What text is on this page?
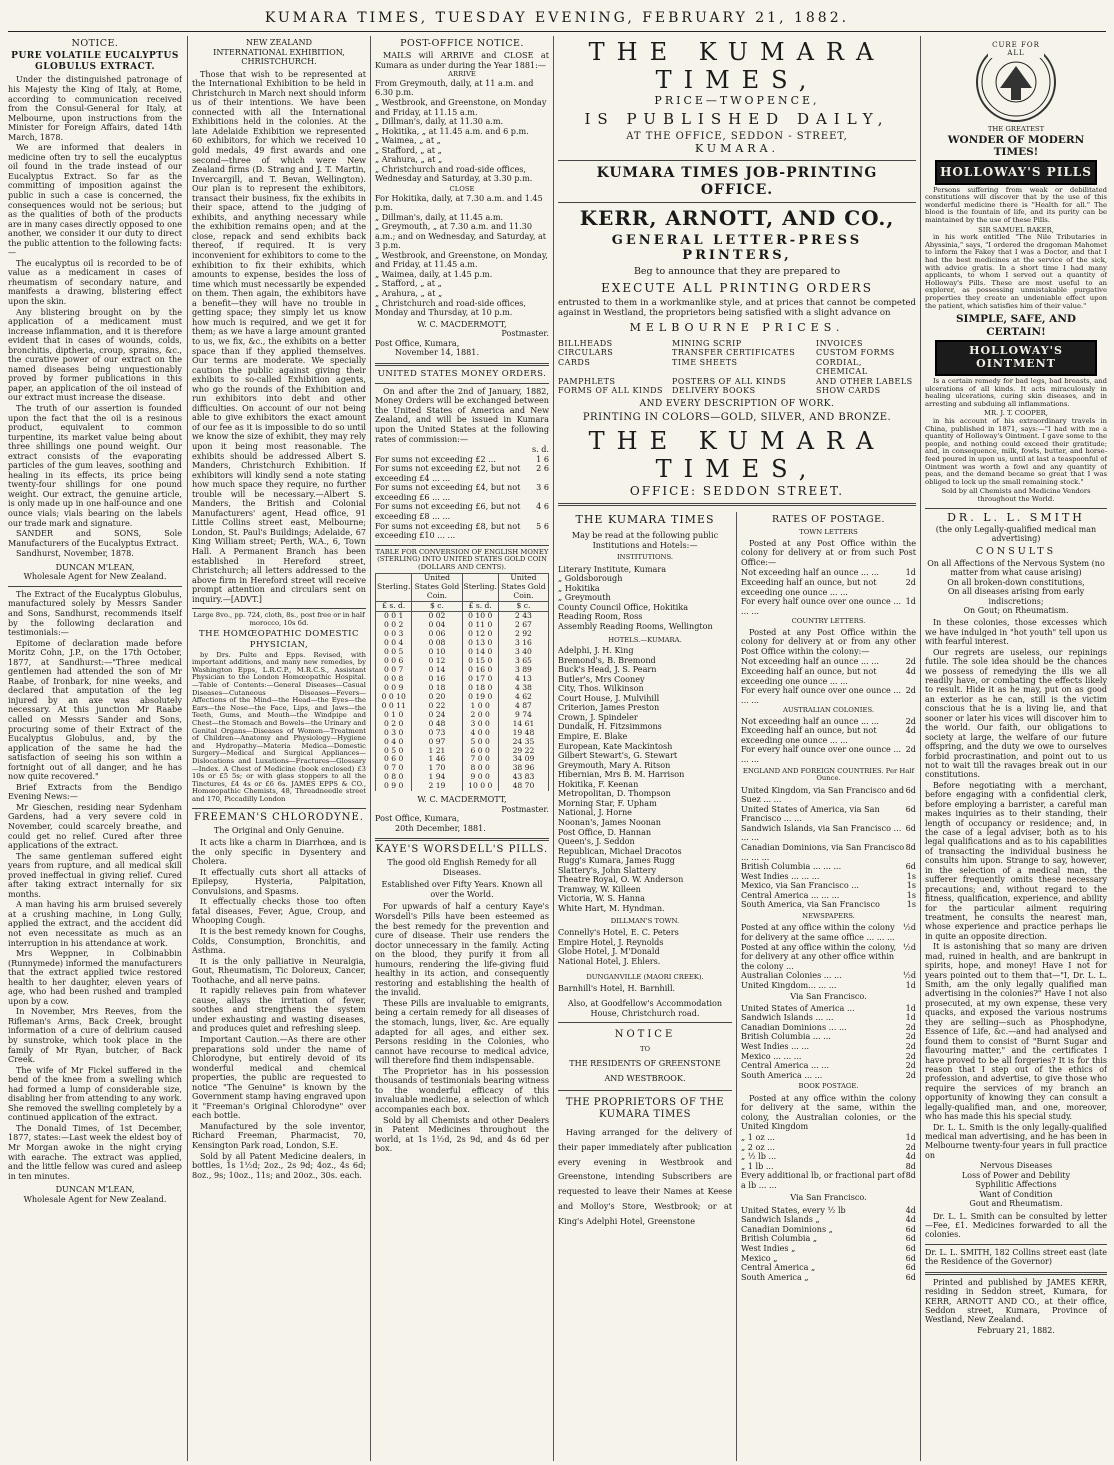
KUMARA TIMES, TUESDAY EVENING, FEBRUARY 21, 1882.
NOTICE.
PURE VOLATILE EUCALYPTUS GLOBULUS EXTRACT.

Under the distinguished patronage of his Majesty the King of Italy, at Rome, according to communication received from the Consul-General for Italy, at Melbourne, upon instructions from the Minister for Foreign Affairs, dated 14th March, 1878.

We are informed that dealers in medicine often try to sell the eucalyptus oil found in the trade instead of our Eucalyptus Extract. So far as the committing of imposition against the public in such a case is concerned, the consequences would not be serious; but as the qualities of both of the products are in many cases directly opposed to one another, we consider it our duty to direct the public attention to the following facts:—

The eucalyptus oil is recorded to be of value as a medicament in cases of rheumatism of secondary nature, and manifests a drawing, blistering effect upon the skin.

Any blistering brought on by the application of a medicament must increase inflammation, and it is therefore evident that in cases of wounds, colds, bronchitis, diptheria, croup, sprains, &c., the curative power of our extract on the named diseases being unquestionably proved by former publications in this paper, an application of the oil instead of our extract must increase the disease.

The truth of our assertion is founded upon the fact that the oil is a resinous product, equivalent to common turpentine, its market value being about three shillings one pound weight. Our extract consists of the evaporating particles of the gum leaves, soothing and healing in its effects, its price being twenty-four shillings for one pound weight. Our extract, the genuine article, is only made up in one half-ounce and one ounce vials; vials bearing on the labels our trade mark and signature.

SANDER and SONS, Sole Manufacturers of the Eucalyptus Extract.

Sandhurst, November, 1878.

DUNCAN M'LEAN,
Wholesale Agent for New Zealand.

The Extract of the Eucalyptus Globulus, manufactured solely by Messrs Sander and Sons, Sandhurst, recommends itself by the following declaration and testimonials:—

Epitome of declaration made before Moritz Cohn, J.P., on the 17th October, 1877, at Sandhurst:—"Three medical gentlemen had attended the son of Mr Raabe, of Ironbark, for nine weeks, and declared that amputation of the leg injured by an axe was absolutely necessary. At this junction Mr Raabe called on Messrs Sander and Sons, procuring some of their Extract of the Eucalyptus Globulus, and, by the application of the same he had the satisfaction of seeing his son within a fortnight out of all danger, and he has now quite recovered."

Brief Extracts from the Bendigo Evening News:—

Mr Gieschen, residing near Sydenham Gardens, had a very severe cold in November, could scarcely breathe, and could get no relief. Cured after three applications of the extract.

The same gentleman suffered eight years from rupture, and all medical skill proved ineffectual in giving relief. Cured after taking extract internally for six months.

A man having his arm bruised severely at a crushing machine, in Long Gully, applied the extract, and the accident did not even necessitate as much as an interruption in his attendance at work.

Mrs Weppner, in Colbinabbin (Runnymede) informed the manufacturers that the extract applied twice restored health to her daughter, eleven years of age, who had been rushed and trampled upon by a cow.

In November, Mrs Reeves, from the Rifleman's Arms, Back Creek, brought information of a cure of delirium caused by sunstroke, which took place in the family of Mr Ryan, butcher, of Back Creek.

The wife of Mr Fickel suffered in the bend of the knee from a swelling which had formed a lump of considerable size, disabling her from attending to any work. She removed the swelling completely by a continued application of the extract.

The Donald Times, of 1st December, 1877, states:—Last week the eldest boy of Mr Morgan awoke in the night crying with earache. The extract was applied, and the little fellow was cured and asleep in ten minutes.

DUNCAN M'LEAN,
Wholesale Agent for New Zealand.
NEW ZEALAND
INTERNATIONAL EXHIBITION,
CHRISTCHURCH.

Those that wish to be represented at the International Exhibition to be held in Christchurch in March next should inform us of their intentions. We have been connected with all the International Exhibitions held in the colonies. At the late Adelaide Exhibition we represented 60 exhibitors, for which we received 10 gold medals, 49 first awards and one second—three of which were New Zealand firms (D. Strang and J. T. Martin, Invercargill, and T. Bevan, Wellington). Our plan is to represent the exhibitors, transact their business, fix the exhibits in their space, attend to the judging of exhibits, and anything necessary while the exhibition remains open; and at the close, repack and send exhibits back thereof, if required. It is very inconvenient for exhibitors to come to the exhibition to fix their exhibits, which amounts to expense, besides the loss of time which must necessarily be expended on them. Then again, the exhibitors have a benefit—they will have no trouble in getting space; they simply let us know how much is required, and we get it for them; as we have a large amount granted to us, we fix, &c., the exhibits on a better space than if they applied themselves. Our terms are moderate. We specially caution the public against giving their exhibits to so-called Exhibition agents, who go the rounds of the Exhibition and run exhibitors into debt and other difficulties. On account of our not being able to give exhibitors the exact amount of our fee as it is impossible to do so until we know the size of exhibit, they may rely upon it being most reasonable. The exhibits should be addressed Albert S. Manders, Christchurch Exhibition. If exhibitors will kindly send a note stating how much space they require, no further trouble will be necessary.—Albert S. Manders, the British and Colonial Manufacturers' agent, Head office, 91 Little Collins street east, Melbourne; London, St. Paul's Buildings; Adelaide, 67 King William street; Perth, W.A., 6, Town Hall. A Permanent Branch has been established in Hereford street, Christchurch; all letters addressed to the above firm in Hereford street will receive prompt attention and circulars sent on inquiry.—[ADVT.]

Large 8vo., pp. 724, cloth, 8s., post free or in half morocco, 10s 6d.
THE HOMŒOPATHIC DOMESTIC PHYSICIAN,

by Drs. Pulte and Epps. Revised, with important additions, and many new remedies, by Washington Epps, L.R.C.P., M.R.C.S., Assistant Physician to the London Homœopathic Hospital.—Table of Contents:—General Diseases—Casual Diseases—Cutaneous Diseases—Fevers—Affections of the Mind—the Head—the Eyes—the Ears—the Nose—the Face, Lips, and Jaws—the Teeth, Gums, and Mouth—the Windpipe and Chest—the Stomach and Bowels—the Urinary and Genital Organs—Diseases of Women—Treatment of Children—Anatomy and Physiology—Hygiene and Hydropathy—Materia Medica—Domestic Surgery—Medical and Surgical Appliances—Dislocations and Luxations—Fractures—Glossary—Index. A Chest of Medicine (book enclosed) £3 10s or £5 5s; or with glass stoppers to all the Tinctures, £4 4s or £6 6s. JAMES EPPS & CO., Homœopathic Chemists, 48, Threadneedle street and 170, Piccadilly London

FREEMAN'S CHLORODYNE.
The Original and Only Genuine.

It acts like a charm in Diarrhœa, and is the only specific in Dysentery and Cholera.

It effectually cuts short all attacks of Epilepsy, Hysteria, Palpitation, Convulsions, and Spasms.

It effectually checks those too often fatal diseases, Fever, Ague, Croup, and Whooping Cough.

It is the best remedy known for Coughs, Colds, Consumption, Bronchitis, and Asthma.

It is the only palliative in Neuralgia, Gout, Rheumatism, Tic Doloreux, Cancer, Toothache, and all nerve pains.

It rapidly relieves pain from whatever cause, allays the irritation of fever, soothes and strengthens the system under exhausting and wasting diseases, and produces quiet and refreshing sleep.

Important Caution.—As there are other preparations sold under the name of Chlorodyne, but entirely devoid of its wonderful medical and chemical properties, the public are requested to notice "The Genuine" is known by the Government stamp having engraved upon it "Freeman's Original Chlorodyne" over each bottle.

Manufactured by the sole inventor, Richard Freeman, Pharmacist, 70, Kensington Park road, London, S.E.

Sold by all Patent Medicine dealers, in bottles, 1s 1½d; 2oz., 2s 9d; 4oz., 4s 6d; 8oz., 9s; 10oz., 11s; and 20oz., 30s. each.

POST-OFFICE NOTICE.

MAILS will ARRIVE and CLOSE at Kumara as under during the Year 1881:—

ARRIVE
From Greymouth, daily, at 11 a.m. and 6.30 p.m.
„ Westbrook, and Greenstone, on Monday and Friday, at 11.15 a.m.
„ Dillman's, daily, at 11.30 a.m.
„ Hokitika, „ at 11.45 a.m. and 6 p.m.
„ Waimea, „ at „
„ Stafford, „ at „
„ Arahura, „ at „
„ Christchurch and road-side offices, Wednesday and Saturday, at 3.30 p.m.
CLOSE
For Hokitika, daily, at 7.30 a.m. and 1.45 p.m.
„ Dillman's, daily, at 11.45 a.m.
„ Greymouth, „ at 7.30 a.m. and 11.30 a.m.; and on Wednesday, and Saturday, at 3 p.m.
„ Westbrook, and Greenstone, on Monday, and Friday, at 11.45 a.m.
„ Waimea, daily, at 1.45 p.m.
„ Stafford, „ at „
„ Arahura, „ at „
„ Christchurch and road-side offices, Monday and Thursday, at 10 p.m.
W. C. MACDERMOTT,
Postmaster.
Post Office, Kumara,
November 14, 1881.
UNITED STATES MONEY ORDERS.

On and after the 2nd of January, 1882, Money Orders will be exchanged between the United States of America and New Zealand, and will be issued in Kumara upon the United States at the following rates of commission:—

s. d.
For sums not exceeding £2 ...	1 6
For sums not exceeding £2, but not exceeding £4 ... ...
2 6
For sums not exceeding £4, but not exceeding £6 ... ...
3 6
For sums not exceeding £6, but not exceeding £8 ... ...
4 6
For sums not exceeding £8, but not exceeding £10 ... ...
5 6
TABLE FOR CONVERSION OF ENGLISH MONEY (STERLING) INTO UNITED STATES GOLD COIN (DOLLARS AND CENTS).
Sterling.	United States Gold Coin.	Sterling.	United States Gold Coin.
£ s. d.	$ c.	£ s. d.	$ c.
0 0 1	0 02	0 10 0	2 43
0 0 2	0 04	0 11 0	2 67
0 0 3	0 06	0 12 0	2 92
0 0 4	0 08	0 13 0	3 16
0 0 5	0 10	0 14 0	3 40
0 0 6	0 12	0 15 0	3 65
0 0 7	0 14	0 16 0	3 89
0 0 8	0 16	0 17 0	4 13
0 0 9	0 18	0 18 0	4 38
0 0 10	0 20	0 19 0	4 62
0 0 11	0 22	1 0 0	4 87
0 1 0	0 24	2 0 0	9 74
0 2 0	0 48	3 0 0	14 61
0 3 0	0 73	4 0 0	19 48
0 4 0	0 97	5 0 0	24 35
0 5 0	1 21	6 0 0	29 22
0 6 0	1 46	7 0 0	34 09
0 7 0	1 70	8 0 0	38 96
0 8 0	1 94	9 0 0	43 83
0 9 0	2 19	10 0 0	48 70
W. C. MACDERMOTT,
Postmaster.
Post Office, Kumara,
20th December, 1881.
KAYE'S WORSDELL'S PILLS.
The good old English Remedy for all Diseases.
Established over Fifty Years. Known all over the World.

For upwards of half a century Kaye's Worsdell's Pills have been esteemed as the best remedy for the prevention and cure of disease. Their use renders the doctor unnecessary in the family. Acting on the blood, they purify it from all humours, rendering the life-giving fluid healthy in its action, and consequently restoring and establishing the health of the invalid.

These Pills are invaluable to emigrants, being a certain remedy for all diseases of the stomach, lungs, liver, &c. Are equally adapted for all ages, and either sex. Persons residing in the Colonies, who cannot have recourse to medical advice, will therefore find them indispensable.

The Proprietor has in his possession thousands of testimonials bearing witness to the wonderful efficacy of this invaluable medicine, a selection of which accompanies each box.

Sold by all Chemists and other Dealers in Patent Medicines throughout the world, at 1s 1½d, 2s 9d, and 4s 6d per box.

THE KUMARA TIMES,
PRICE—TWOPENCE,
IS PUBLISHED DAILY,
AT THE OFFICE, SEDDON - STREET,
KUMARA.
KUMARA TIMES JOB-PRINTING OFFICE.
KERR, ARNOTT, AND CO.,
GENERAL LETTER-PRESS PRINTERS,
Beg to announce that they are prepared to
EXECUTE ALL PRINTING ORDERS

entrusted to them in a workmanlike style, and at prices that cannot be competed against in Westland, the proprietors being satisfied with a slight advance on

MELBOURNE PRICES.
BILLHEADS	MINING SCRIP	INVOICES
CIRCULARS	TRANSFER CERTIFICATES	CUSTOM FORMS
CARDS	TIME SHEETS	CORDIAL, CHEMICAL
PAMPHLETS	POSTERS OF ALL KINDS	AND OTHER LABELS
FORMS OF ALL KINDS	DELIVERY BOOKS	SHOW CARDS
AND EVERY DESCRIPTION OF WORK.
PRINTING IN COLORS—GOLD, SILVER, AND BRONZE.
THE KUMARA TIMES,
OFFICE: SEDDON STREET.
THE KUMARA TIMES
May be read at the following public Institutions and Hotels:—
INSTITUTIONS.
Literary Institute, Kumara
„ Goldsborough
„ Hokitika
„ Greymouth
County Council Office, Hokitika
Reading Room, Ross
Assembly Reading Rooms, Wellington
HOTELS.—KUMARA.
Adelphi, J. H. King
Bremond's, B. Bremond
Buck's Head, J. S. Pearn
Butler's, Mrs Cooney
City, Thos. Wilkinson
Court House, J. Mulvihill
Criterion, James Preston
Crown, J. Spindeler
Dundalk, H. Fitzsimmons
Empire, E. Blake
European, Kate Mackintosh
Gilbert Stewart's, G. Stewart
Greymouth, Mary A. Ritson
Hibernian, Mrs B. M. Harrison
Hokitika, F. Keenan
Metropolitan, D. Thompson
Morning Star, F. Upham
National, J. Horne
Noonan's, James Noonan
Post Office, D. Hannan
Queen's, J. Seddon
Republican, Michael Dracotos
Rugg's Kumara, James Rugg
Slattery's, John Slattery
Theatre Royal, O. W. Anderson
Tramway, W. Killeen
Victoria, W. S. Hanna
White Hart, M. Hyndman.
DILLMAN'S TOWN.
Connelly's Hotel, E. C. Peters
Empire Hotel, J. Reynolds
Globe Hotel, J. M'Donald
National Hotel, J. Ehlers.
DUNGANVILLE (MAORI CREEK).
Barnhill's Hotel, H. Barnhill.
Also, at Goodfellow's Accommodation House, Christchurch road.
NOTICE
TO
THE RESIDENTS OF GREENSTONE
AND WESTBROOK.
THE PROPRIETORS OF THE KUMARA TIMES

Having arranged for the delivery of their paper immediately after publication every evening in Westbrook and Greenstone, intending Subscribers are requested to leave their Names at Keese and Molloy's Store, Westbrook; or at King's Adelphi Hotel, Greenstone

RATES OF POSTAGE.
TOWN LETTERS

Posted at any Post Office within the colony for delivery at or from such Post Office:—

Not exceeding half an ounce ... ...	1d
Exceeding half an ounce, but not exceeding one ounce ... ...
2d
For every half ounce over one ounce ... ... ...
1d
COUNTRY LETTERS.

Posted at any Post Office within the colony for delivery at or from any other Post Office within the colony:—

Not exceeding half an ounce ... ...	2d
Exceeding half an ounce, but not exceeding one ounce ... ...
4d
For every half ounce over one ounce ... ... ...
2d
AUSTRALIAN COLONIES.
Not exceeding half an ounce ... ...	2d
Exceeding half an ounce, but not exceeding one ounce ... ...
4d
For every half ounce over one ounce ... ... ...
2d
ENGLAND AND FOREIGN COUNTRIES. Per Half Ounce.
United Kingdom, via San Francisco and Suez ... ...
6d
United States of America, via San Francisco ... ...
6d
Sandwich Islands, via San Francisco ... ... ...
6d
Canadian Dominions, via San Francisco ... ... ...
8d
British Columbia ... ... ...	6d
West Indies ... ... ...	1s
Mexico, via San Francisco ...	1s
Central America ... ... ...	1s
South America, via San Francisco	1s
NEWSPAPERS.
Posted at any office within the colony for delivery at the same office ... ... ...
½d
Posted at any office within the colony, for delivery at any other office within the colony ...
½d
Australian Colonies ... ...	½d
United Kingdom... ... ...	1d
Via San Francisco.
United States of America ...	1d
Sandwich Islands ... ...	1d
Canadian Dominions ... ...	2d
British Columbia ... ...	2d
West Indies ... ...	2d
Mexico ... ... ...	2d
Central America ... ...	2d
South America ... ...	2d
BOOK POSTAGE.

Posted at any office within the colony for delivery at the same, within the colony, the Australian colonies, or the United Kingdom

„ 1 oz ...	1d
„ 2 oz ...	2d
„ ½ lb ...	4d
„ 1 lb ...	8d
Every additional lb, or fractional part of a lb ... ...
8d
Via San Francisco.
United States, every ½ lb	4d
Sandwich Islands „	4d
Canadian Dominions „	6d
British Columbia „	6d
West Indies „	6d
Mexico „	6d
Central America „	6d
South America „	6d
CURE FOR ALL
THE GREATEST
WONDER OF MODERN TIMES!
HOLLOWAY'S PILLS

Persons suffering from weak or debilitated constitutions will discover that by the use of this wonderful medicine there is "Health for all." The blood is the fountain of life, and its purity can be maintained by the use of these Pills.

SIR SAMUEL BAKER,

in his work entitled "The Nile Tributaries in Abyssinia," says, "I ordered the dragoman Mahomet to inform the Fakey that I was a Doctor, and that I had the best medicines at the service of the sick, with advice gratis. In a short time I had many applicants, to whom I served out a quantity of Holloway's Pills. These are most useful to an explorer, as possessing unmistakable purgative properties they create an undeniable effect upon the patient, which satisfies him of their value."

SIMPLE, SAFE, AND CERTAIN!
HOLLOWAY'S OINTMENT

Is a certain remedy for bad legs, bad breasts, and ulcerations of all kinds. It acts miraculously in healing ulcerations, curing skin diseases, and in arresting and subduing all inflammations.

MR. J. T. COOPER,

in his account of his extraordinary travels in China, published in 1871, says:—"I had with me a quantity of Holloway's Ointment. I gave some to the people, and nothing could exceed their gratitude; and, in consequence, milk, fowls, butter, and horse-feed poured in upon us, until at last a teaspoonful of Ointment was worth a fowl and any quantity of peas, and the demand became so great that I was obliged to lock up the small remaining stock."

Sold by all Chemists and Medicine Vendors throughout the World.
DR. L. L. SMITH
(the only Legally-qualified medical man advertising)
CONSULTS
On all Affections of the Nervous System (no matter from what cause arising)
On all broken-down constitutions,
On all diseases arising from early indiscretions;
On Gout; on Rheumatism.

In these colonies, those excesses which we have indulged in "hot youth" tell upon us with fearful interest.

Our regrets are useless, our repinings futile. The sole idea should be the chances we possess of remedying the ills we all readily have, or combating the effects likely to result. Hide it as he may, put on as good an exterior as he can, still is the victim conscious that he is a living lie, and that sooner or later his vices will discover him to the world. Our faith, our obligations to society at large, the welfare of our future offspring, and the duty we owe to ourselves forbid procrastination, and point out to us not to wait till the ravages break out in our constitutions.

Before negotiating with a merchant, before engaging with a confidential clerk, before employing a barrister, a careful man makes inquiries as to their standing, their length of occupancy or residence; and, in the case of a legal adviser, both as to his legal qualifications and as to his capabilities of transacting the individual business he consults him upon. Strange to say, however, in the selection of a medical man, the sufferer frequently omits these necessary precautions; and, without regard to the fitness, qualification, experience, and ability for the particular ailment requiring treatment, he consults the nearest man, whose experience and practice perhaps lie in quite an opposite direction.

It is astonishing that so many are driven mad, ruined in health, and are bankrupt in spirits, hope, and money! Have I not for years pointed out to them that—"I, Dr. L. L. Smith, am the only legally qualified man advertising in the colonies?" Have I not also prosecuted, at my own expense, these very quacks, and exposed the various nostrums they are selling—such as Phosphodyne, Essence of Life, &c.—and had analysed and found them to consist of "Burnt Sugar and flavouring matter," and the certificates I have proved to be all forgeries? It is for this reason that I step out of the ethics of profession, and advertise, to give those who require the services of my branch an opportunity of knowing they can consult a legally-qualified man, and one, moreover, who has made this his special study.

Dr. L. L. Smith is the only legally-qualified medical man advertising, and he has been in Melbourne twenty-four years in full practice on

Nervous Diseases
Loss of Power and Debility
Syphilitic Affections
Want of Condition
Gout and Rheumatism.

Dr. L. L. Smith can be consulted by letter—Fee, £1. Medicines forwarded to all the colonies.

Dr. L. L. SMITH, 182 Collins street east (late the Residence of the Governor)

Printed and published by JAMES KERR, residing in Seddon street, Kumara, for KERR, ARNOTT AND CO., at their office, Seddon street, Kumara, Province of Westland, New Zealand.

February 21, 1882.
